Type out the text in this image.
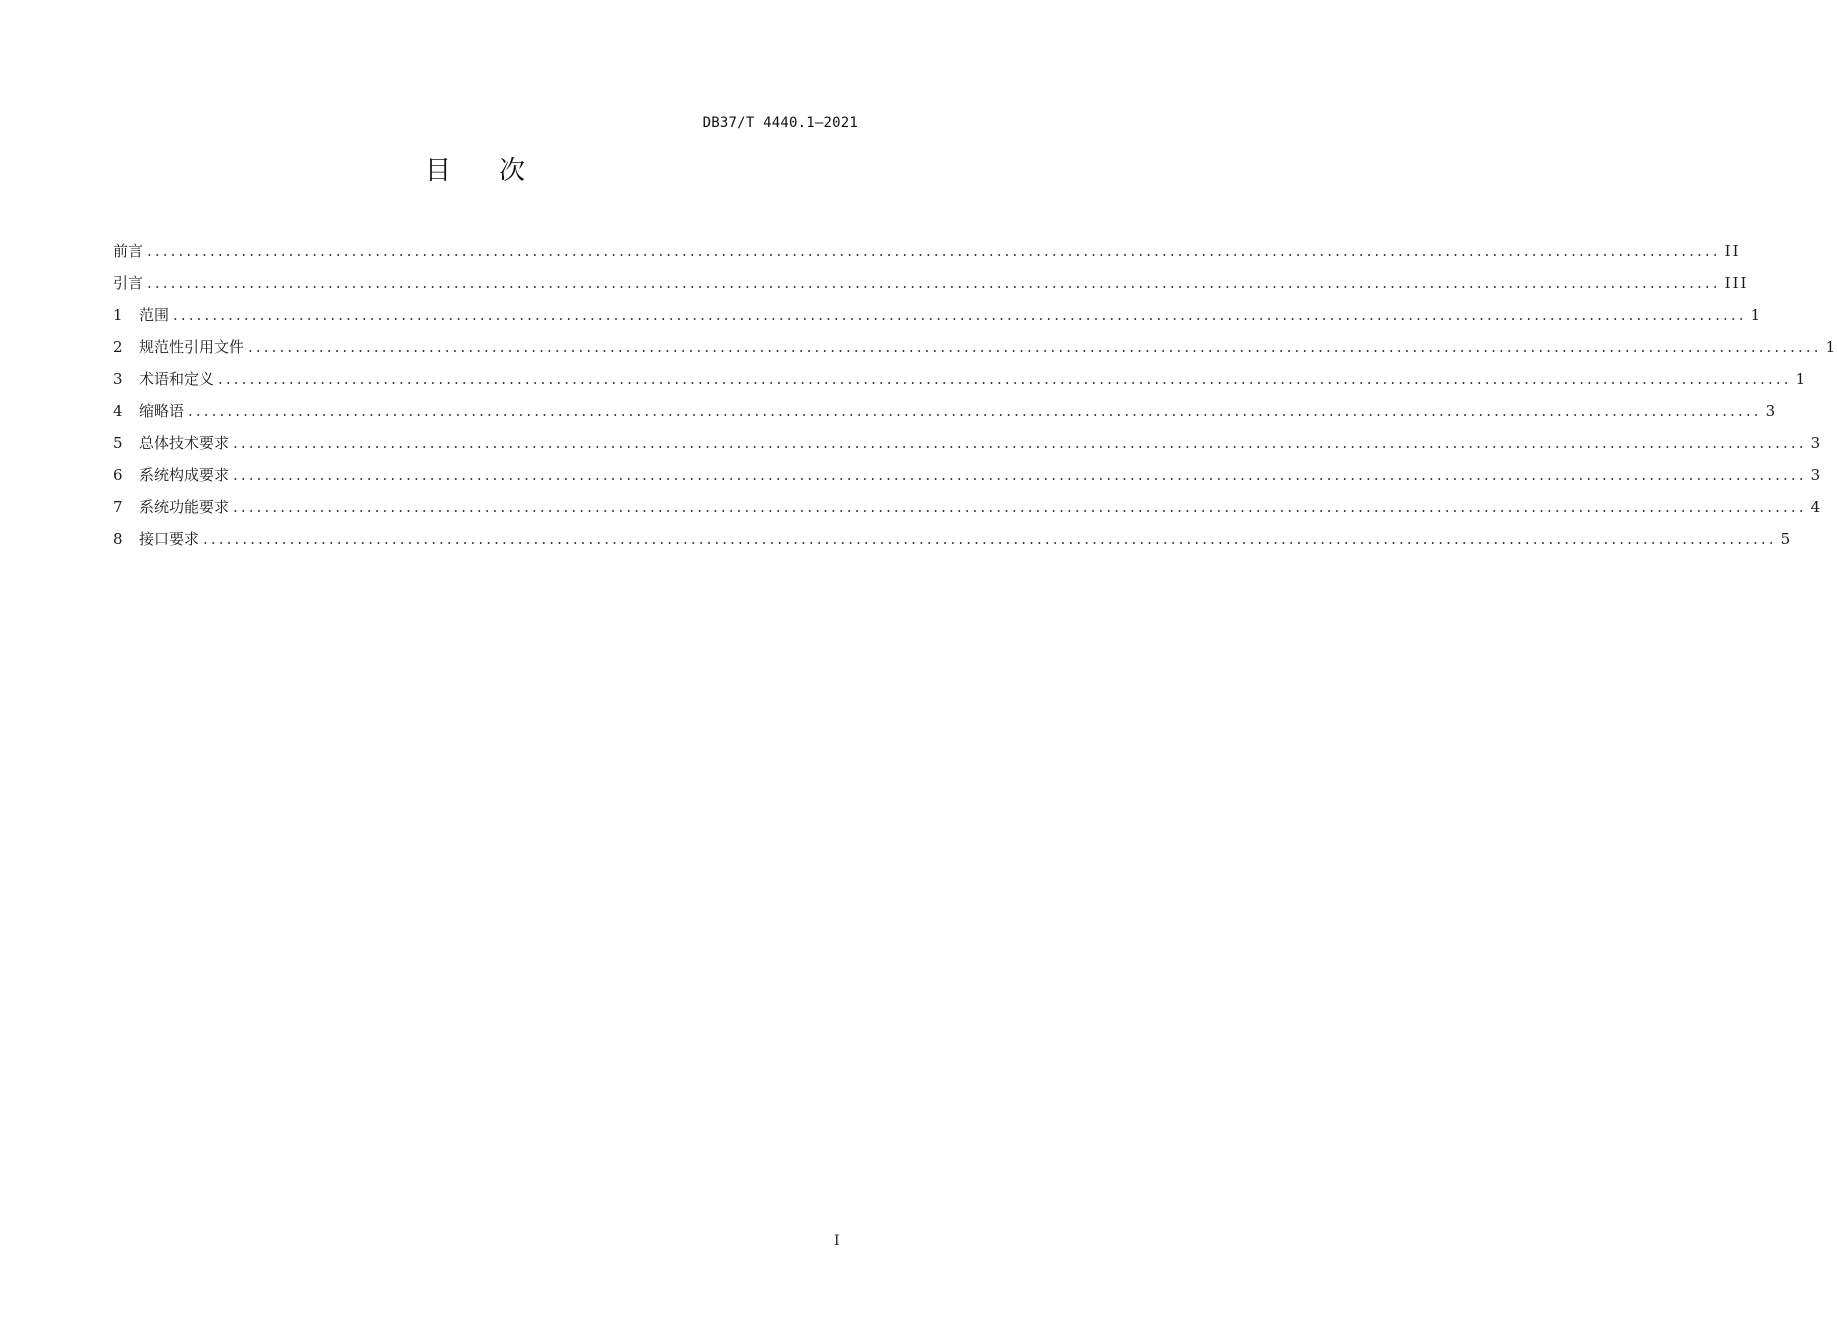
DB37/T 4440.1—2021
目 次
前言 ........................................................................................................................................................................................................ II
引言 ........................................................................................................................................................................................................ III
1	范围 ........................................................................................................................................................................................................ 1
2	规范性引用文件 ........................................................................................................................................................................................................ 1
3	术语和定义 ........................................................................................................................................................................................................ 1
4	缩略语 ........................................................................................................................................................................................................ 3
5	总体技术要求 ........................................................................................................................................................................................................ 3
6	系统构成要求 ........................................................................................................................................................................................................ 3
7	系统功能要求 ........................................................................................................................................................................................................ 4
8	接口要求 ........................................................................................................................................................................................................ 5
I
